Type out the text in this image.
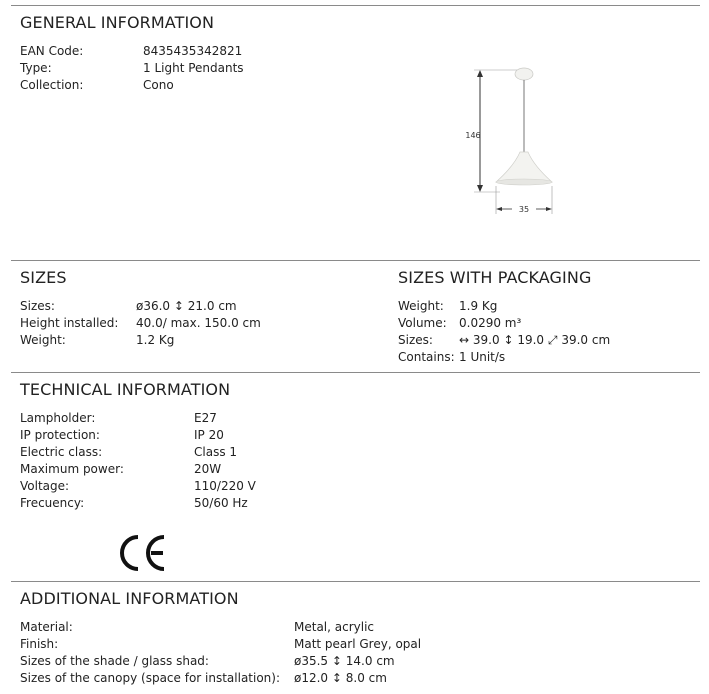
GENERAL INFORMATION
EAN Code:	8435435342821
Type:	1 Light Pendants
Collection:	Cono
146
35
SIZES	SIZES WITH PACKAGING
Sizes:	ø36.0 ↕ 21.0 cm
Height installed: 40.0/ max. 150.0 cm
Weight:	1.2 Kg
Weight: 1.9 Kg
Volume: 0.0290 m³
Sizes: ↔ 39.0 ↕ 19.0 ⤢ 39.0 cm
Contains: 1 Unit/s
TECHNICAL INFORMATION
Lampholder:	E27
IP protection:	IP 20
Electric class:	Class 1
Maximum power:	20W
Voltage:	110/220 V
Frecuency:	50/60 Hz
ADDITIONAL INFORMATION
Material:	Metal, acrylic
Finish:	Matt pearl Grey, opal
Sizes of the shade / glass shad:	ø35.5 ↕ 14.0 cm
Sizes of the canopy (space for installation): ø12.0 ↕ 8.0 cm
